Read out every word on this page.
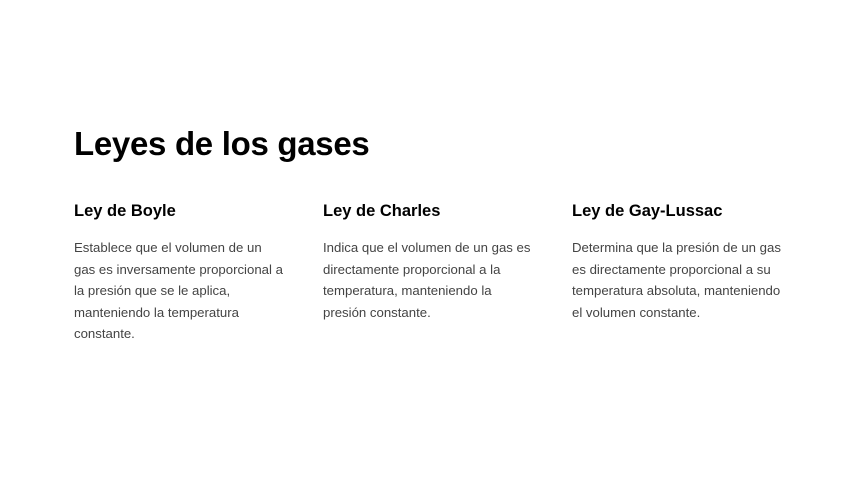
Leyes de los gases
Ley de Boyle

Establece que el volumen de un gas es inversamente proporcional a la presión que se le aplica, manteniendo la temperatura constante.

Ley de Charles

Indica que el volumen de un gas es directamente proporcional a la temperatura, manteniendo la presión constante.

Ley de Gay-Lussac

Determina que la presión de un gas es directamente proporcional a su temperatura absoluta, manteniendo el volumen constante.
